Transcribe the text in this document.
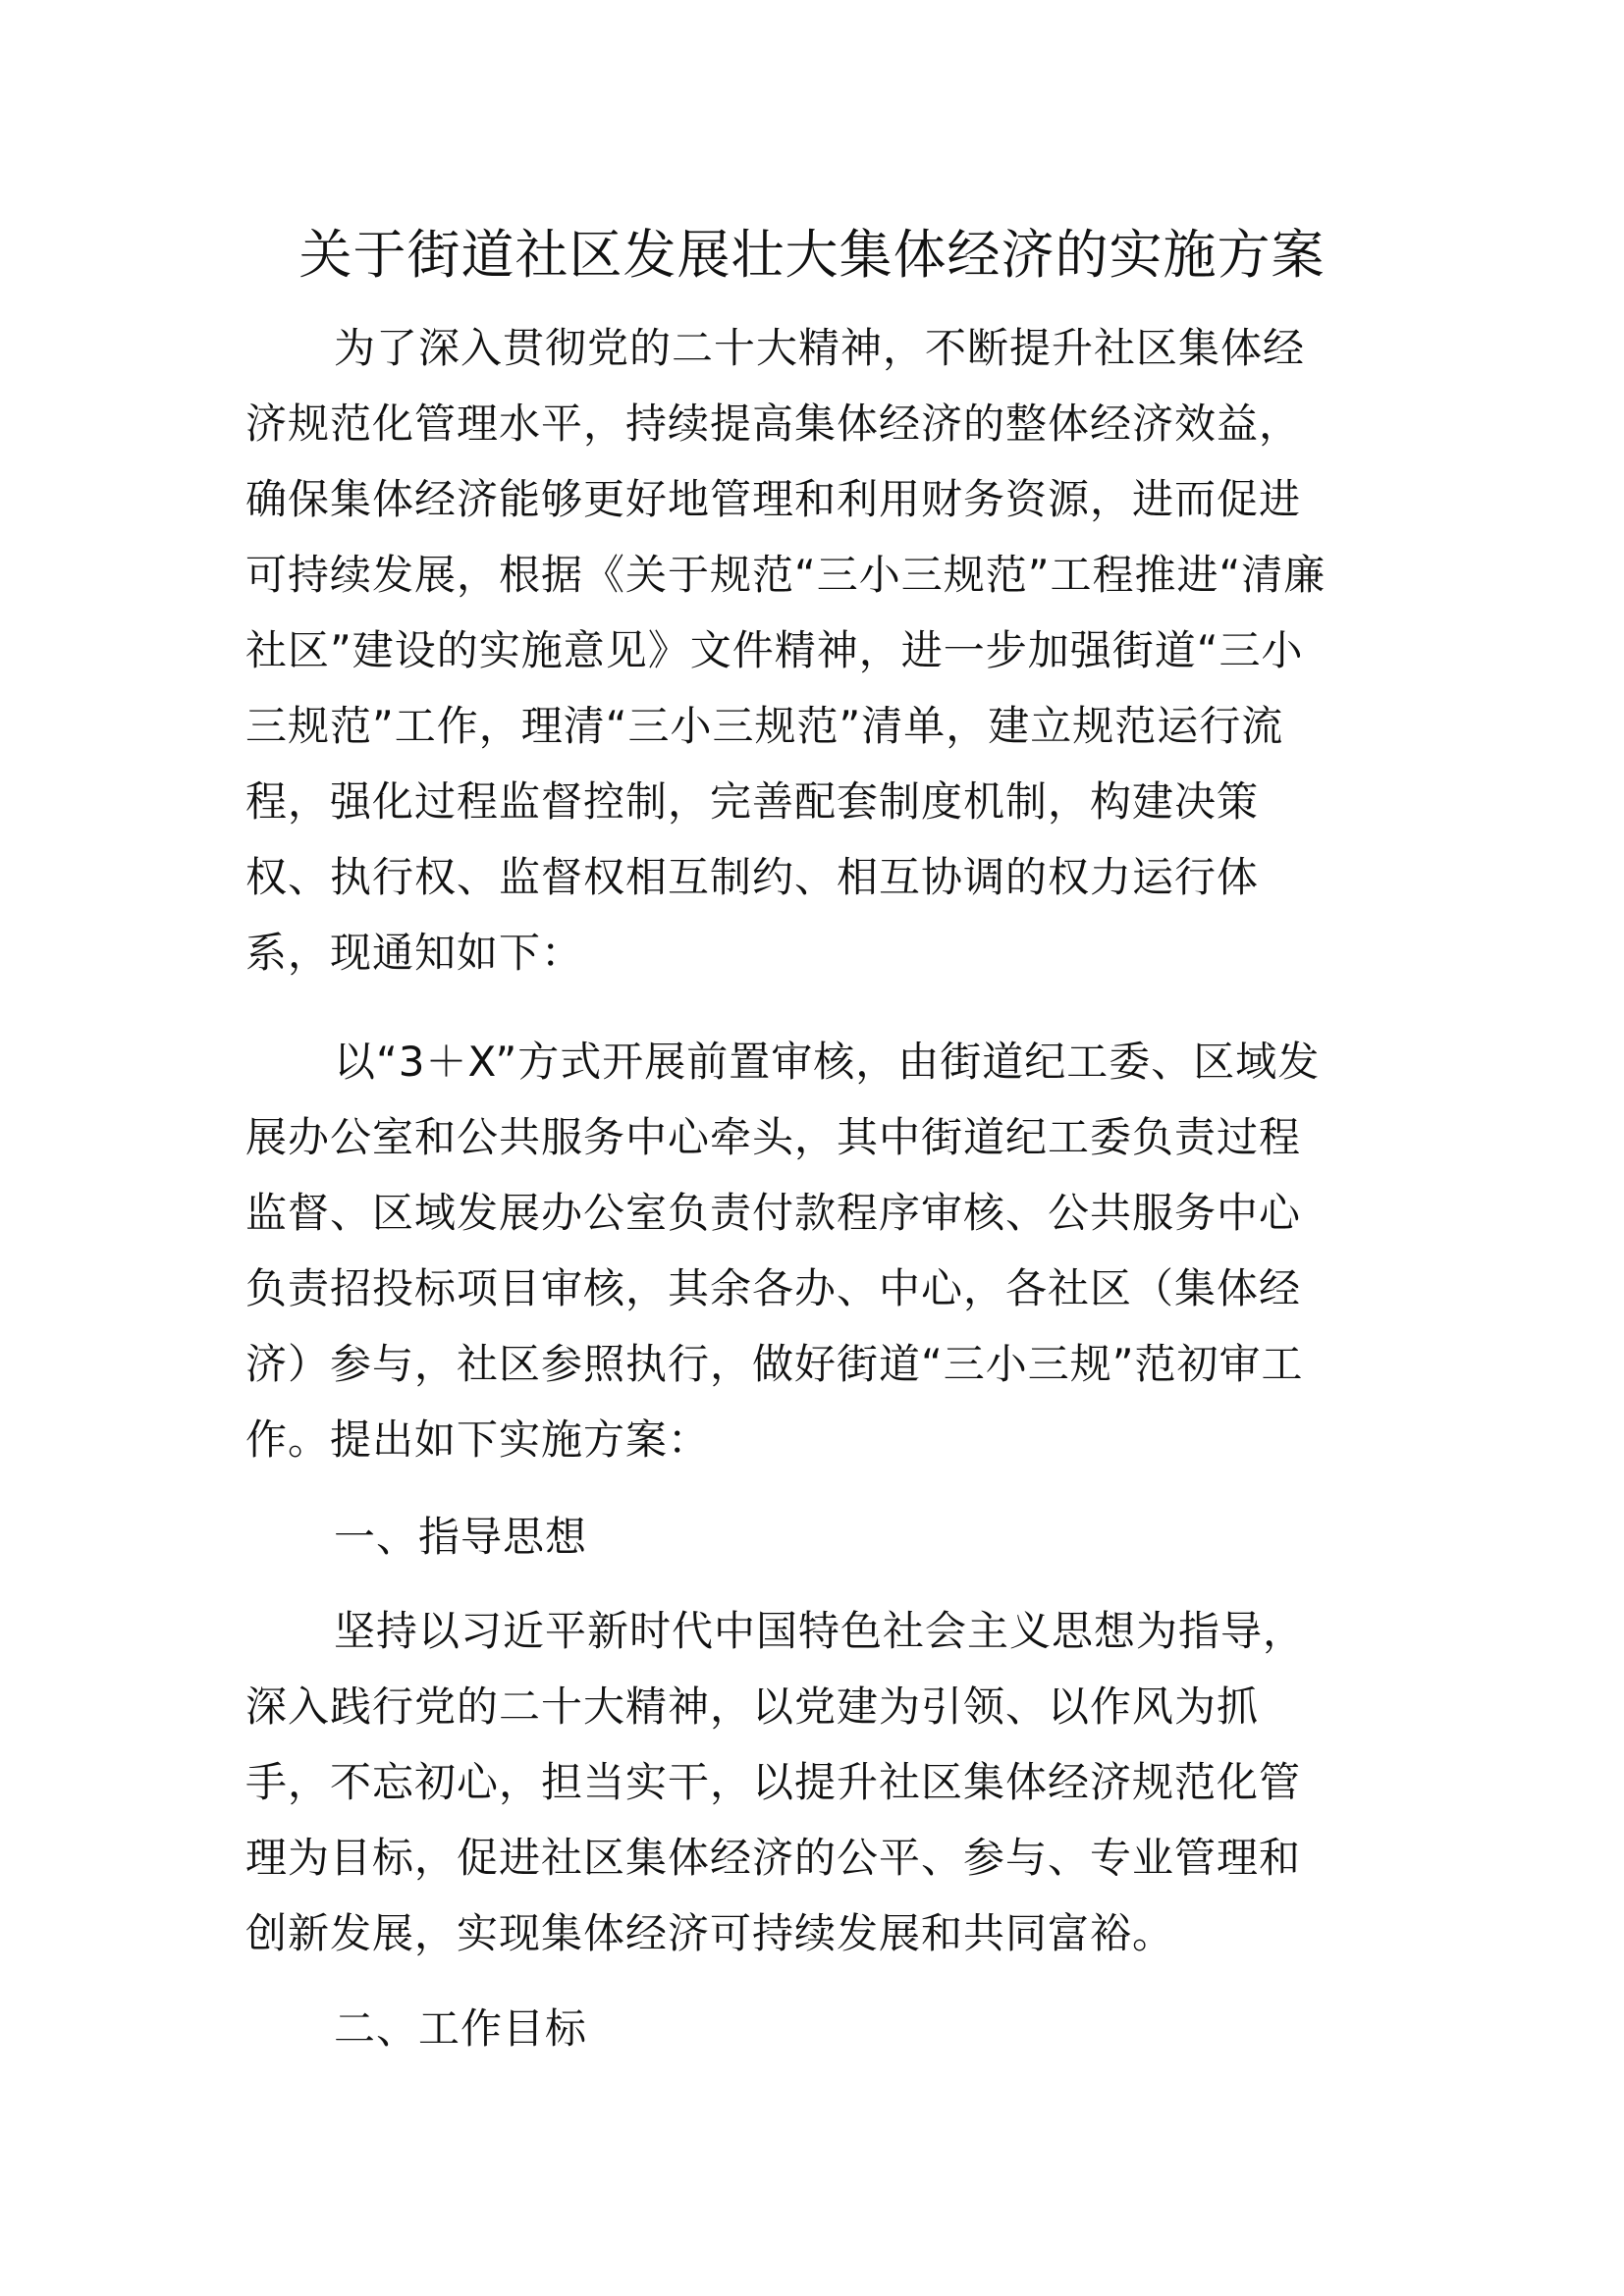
关于街道社区发展壮大集体经济的实施方案
为了深入贯彻党的二十大精神，不断提升社区集体经
济规范化管理水平，持续提高集体经济的整体经济效益，
确保集体经济能够更好地管理和利用财务资源，进而促进
可持续发展，根据《关于规范“三小三规范”工程推进“清廉
社区”建设的实施意见》文件精神，进一步加强街道“三小
三规范”工作，理清“三小三规范”清单，建立规范运行流
程，强化过程监督控制，完善配套制度机制，构建决策
权、执行权、监督权相互制约、相互协调的权力运行体
系，现通知如下：
以“3＋X”方式开展前置审核，由街道纪工委、区域发
展办公室和公共服务中心牵头，其中街道纪工委负责过程
监督、区域发展办公室负责付款程序审核、公共服务中心
负责招投标项目审核，其余各办、中心，各社区（集体经
济）参与，社区参照执行，做好街道“三小三规”范初审工
作。提出如下实施方案：
一、指导思想
坚持以习近平新时代中国特色社会主义思想为指导，
深入践行党的二十大精神，以党建为引领、以作风为抓
手，不忘初心，担当实干，以提升社区集体经济规范化管
理为目标，促进社区集体经济的公平、参与、专业管理和
创新发展，实现集体经济可持续发展和共同富裕。
二、工作目标
